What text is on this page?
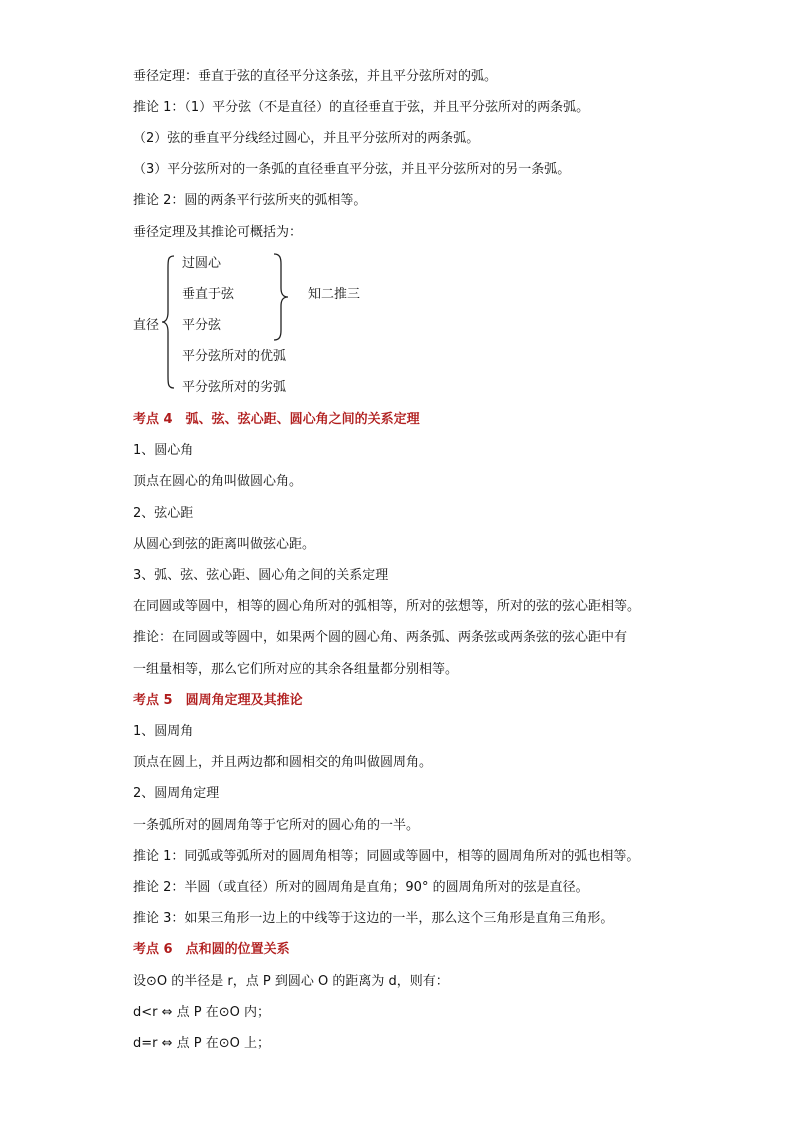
垂径定理：垂直于弦的直径平分这条弦，并且平分弦所对的弧。
推论 1：（1）平分弦（不是直径）的直径垂直于弦，并且平分弦所对的两条弧。
（2）弦的垂直平分线经过圆心，并且平分弦所对的两条弧。
（3）平分弦所对的一条弧的直径垂直平分弦，并且平分弦所对的另一条弧。
推论 2：圆的两条平行弦所夹的弧相等。
垂径定理及其推论可概括为：
直径
过圆心
垂直于弦
平分弦
平分弦所对的优弧
平分弦所对的劣弧
知二推三
考点 4　弧、弦、弦心距、圆心角之间的关系定理
1、圆心角
顶点在圆心的角叫做圆心角。
2、弦心距
从圆心到弦的距离叫做弦心距。
3、弧、弦、弦心距、圆心角之间的关系定理
在同圆或等圆中，相等的圆心角所对的弧相等，所对的弦想等，所对的弦的弦心距相等。
推论：在同圆或等圆中，如果两个圆的圆心角、两条弧、两条弦或两条弦的弦心距中有
一组量相等，那么它们所对应的其余各组量都分别相等。
考点 5　圆周角定理及其推论
1、圆周角
顶点在圆上，并且两边都和圆相交的角叫做圆周角。
2、圆周角定理
一条弧所对的圆周角等于它所对的圆心角的一半。
推论 1：同弧或等弧所对的圆周角相等；同圆或等圆中，相等的圆周角所对的弧也相等。
推论 2：半圆（或直径）所对的圆周角是直角；90° 的圆周角所对的弦是直径。
推论 3：如果三角形一边上的中线等于这边的一半，那么这个三角形是直角三角形。
考点 6　点和圆的位置关系
设⊙O 的半径是 r，点 P 到圆心 O 的距离为 d，则有：
d<r ⇔ 点 P 在⊙O 内；
d=r ⇔ 点 P 在⊙O 上；
